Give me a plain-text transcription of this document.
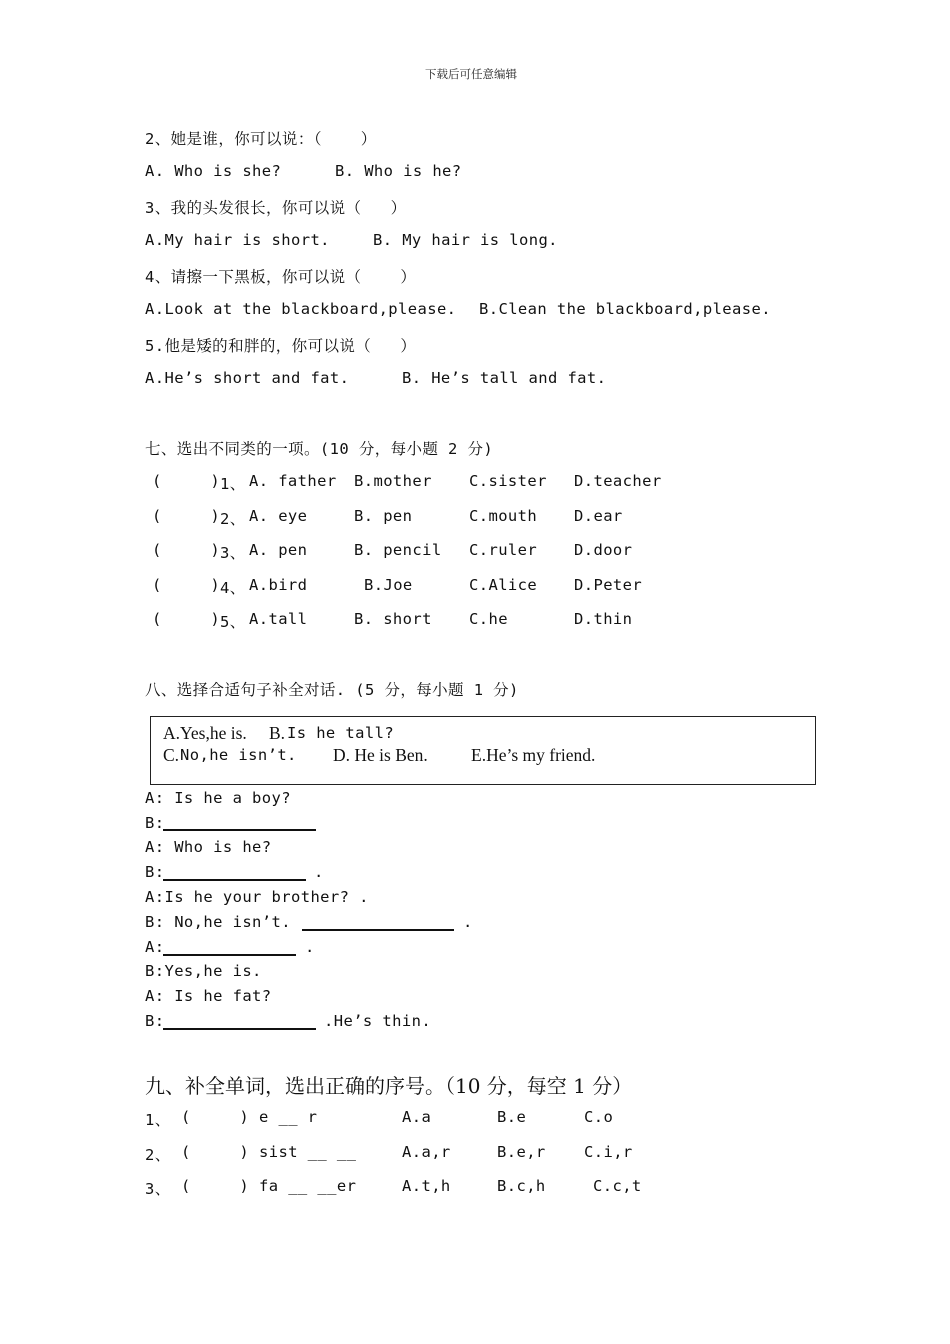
下载后可任意编辑
2、她是谁，你可以说：（    ）
A. Who is she?	B. Who is he?
3、我的头发很长，你可以说（   ）
A.My hair is short.	B. My hair is long.
4、请擦一下黑板，你可以说（    ）
A.Look at the blackboard,please. B.Clean the blackboard,please.
5.他是矮的和胖的，你可以说（   ）
A.He’s short and fat.	B. He’s tall and fat.
七、选出不同类的一项。(10 分，每小题 2 分)
(     ) 1、 A. father B.mother C.sister D.teacher
(     ) 2、 A. eye	B. pen	C.mouth D.ear
(     ) 3、 A. pen	B. pencil C.ruler D.door
(     ) 4、 A.bird	B.Joe	C.Alice D.Peter
(     ) 5、 A.tall	B. short C.he	D.thin
八、选择合适句子补全对话. (5 分，每小题 1 分)
A.Yes,he is. B. Is he tall?
C. No,he isn’t. D. He is Ben. E.He’s my friend.
A: Is he a boy?
B:
A: Who is he?
B:	.
A:Is he your brother? .
B: No,he isn’t.	.
A:	.
B:Yes,he is.
A: Is he fat?
B:	.He’s thin.
九、补全单词，选出正确的序号。（10 分，每空 1 分）
1、 (     ) e __ r	A.a	B.e	C.o
2、 (     ) sist __ __	A.a,r	B.e,r C.i,r
3、 (     ) fa __ __er	A.t,h	B.c,h	C.c,t
